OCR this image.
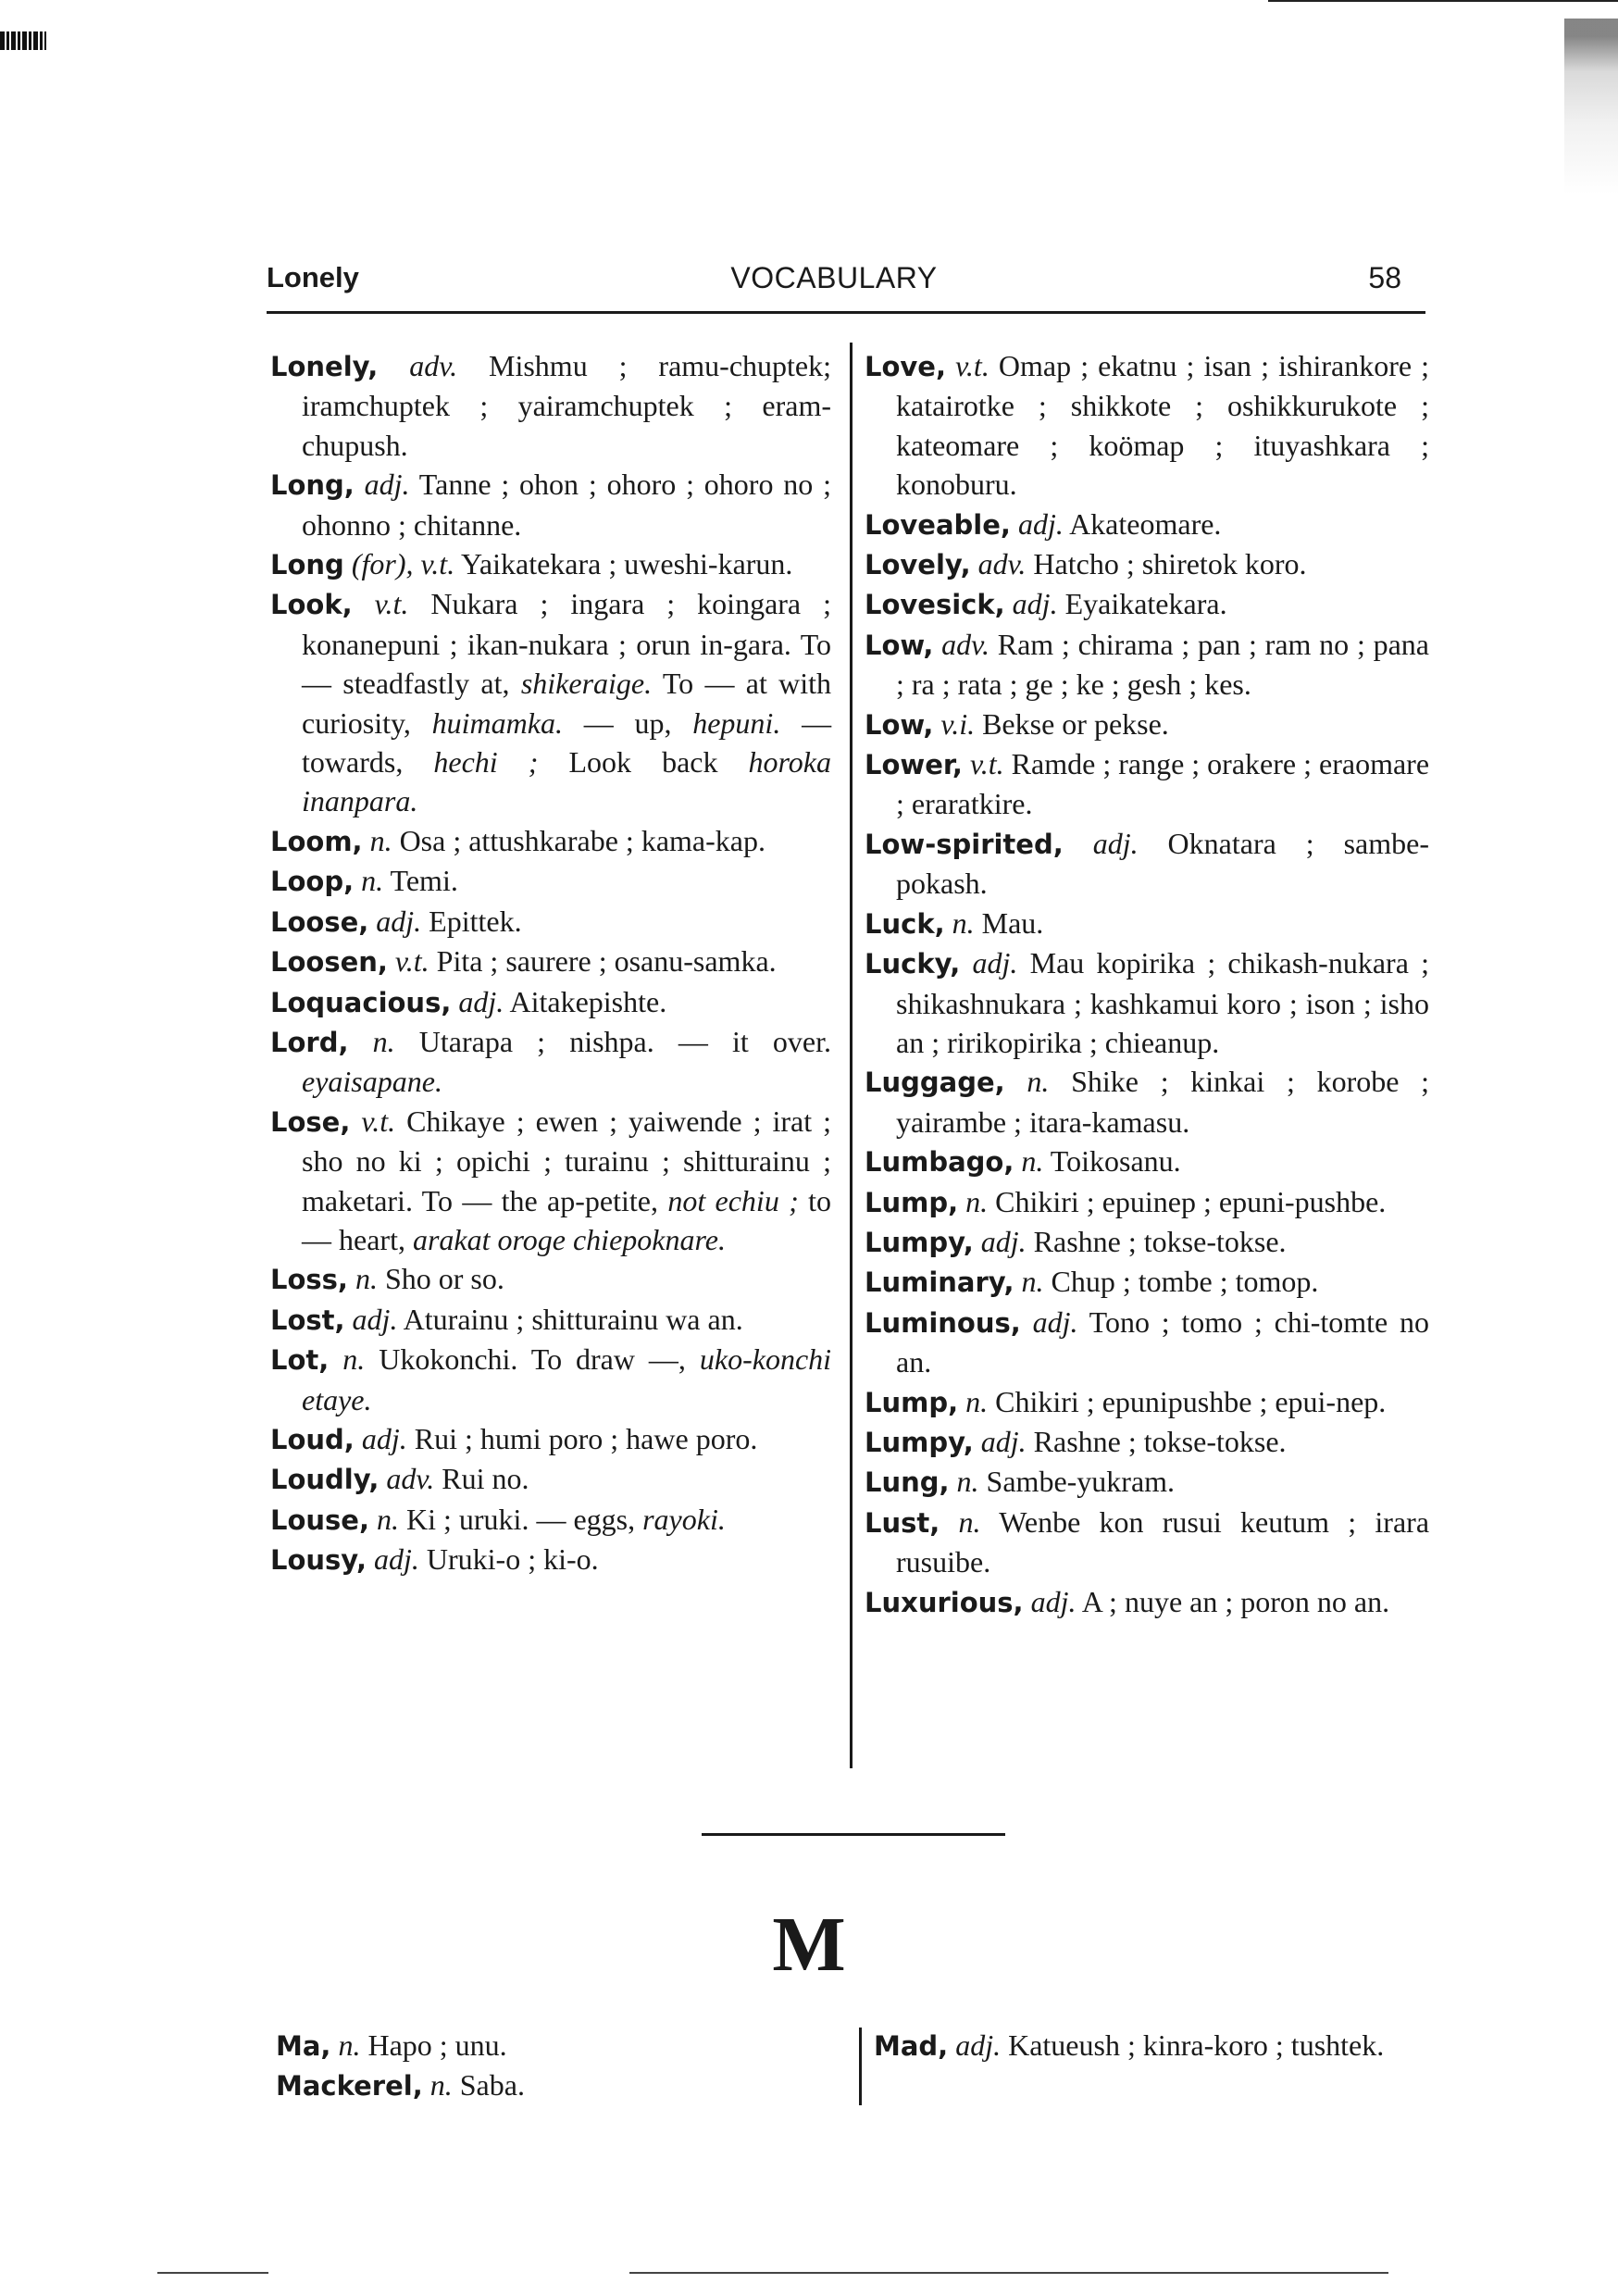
Lonely	VOCABULARY	58

Lonely, adv. Mishmu ; ramu-chuptek; iramchuptek ; yairamchuptek ; eram-chupush.

Long, adj. Tanne ; ohon ; ohoro ; ohoro no ; ohonno ; chitanne.

Long (for), v.t. Yaikatekara ; uweshi-karun.

Look, v.t. Nukara ; ingara ; koingara ; konanepuni ; ikan-nukara ; orun in-gara. To — steadfastly at, shikeraige. To — at with curiosity, huimamka. — up, hepuni. — towards, hechi ; Look back horoka inanpara.

Loom, n. Osa ; attushkarabe ; kama-kap.

Loop, n. Temi.

Loose, adj. Epittek.

Loosen, v.t. Pita ; saurere ; osanu-samka.

Loquacious, adj. Aitakepishte.

Lord, n. Utarapa ; nishpa. — it over. eyaisapane.

Lose, v.t. Chikaye ; ewen ; yaiwende ; irat ; sho no ki ; opichi ; turainu ; shitturainu ; maketari. To — the ap-petite, not echiu ; to — heart, arakat oroge chiepoknare.

Loss, n. Sho or so.

Lost, adj. Aturainu ; shitturainu wa an.

Lot, n. Ukokonchi. To draw —, uko-konchi etaye.

Loud, adj. Rui ; humi poro ; hawe poro.

Loudly, adv. Rui no.

Louse, n. Ki ; uruki. — eggs, rayoki.

Lousy, adj. Uruki-o ; ki-o.

Love, v.t. Omap ; ekatnu ; isan ; ishirankore ; katairotke ; shikkote ; oshikkurukote ; kateomare ; koömap ; ituyashkara ; konoburu.

Loveable, adj. Akateomare.

Lovely, adv. Hatcho ; shiretok koro.

Lovesick, adj. Eyaikatekara.

Low, adv. Ram ; chirama ; pan ; ram no ; pana ; ra ; rata ; ge ; ke ; gesh ; kes.

Low, v.i. Bekse or pekse.

Lower, v.t. Ramde ; range ; orakere ; eraomare ; eraratkire.

Low-spirited, adj. Oknatara ; sambe-pokash.

Luck, n. Mau.

Lucky, adj. Mau kopirika ; chikash-nukara ; shikashnukara ; kashkamui koro ; ison ; isho an ; ririkopirika ; chieanup.

Luggage, n. Shike ; kinkai ; korobe ; yairambe ; itara-kamasu.

Lumbago, n. Toikosanu.

Lump, n. Chikiri ; epuinep ; epuni-pushbe.

Lumpy, adj. Rashne ; tokse-tokse.

Luminary, n. Chup ; tombe ; tomop.

Luminous, adj. Tono ; tomo ; chi-tomte no an.

Lump, n. Chikiri ; epunipushbe ; epui-nep.

Lumpy, adj. Rashne ; tokse-tokse.

Lung, n. Sambe-yukram.

Lust, n. Wenbe kon rusui keutum ; irara rusuibe.

Luxurious, adj. A ; nuye an ; poron no an.

M

Ma, n. Hapo ; unu.

Mackerel, n. Saba.

Mad, adj. Katueush ; kinra-koro ; tushtek.
